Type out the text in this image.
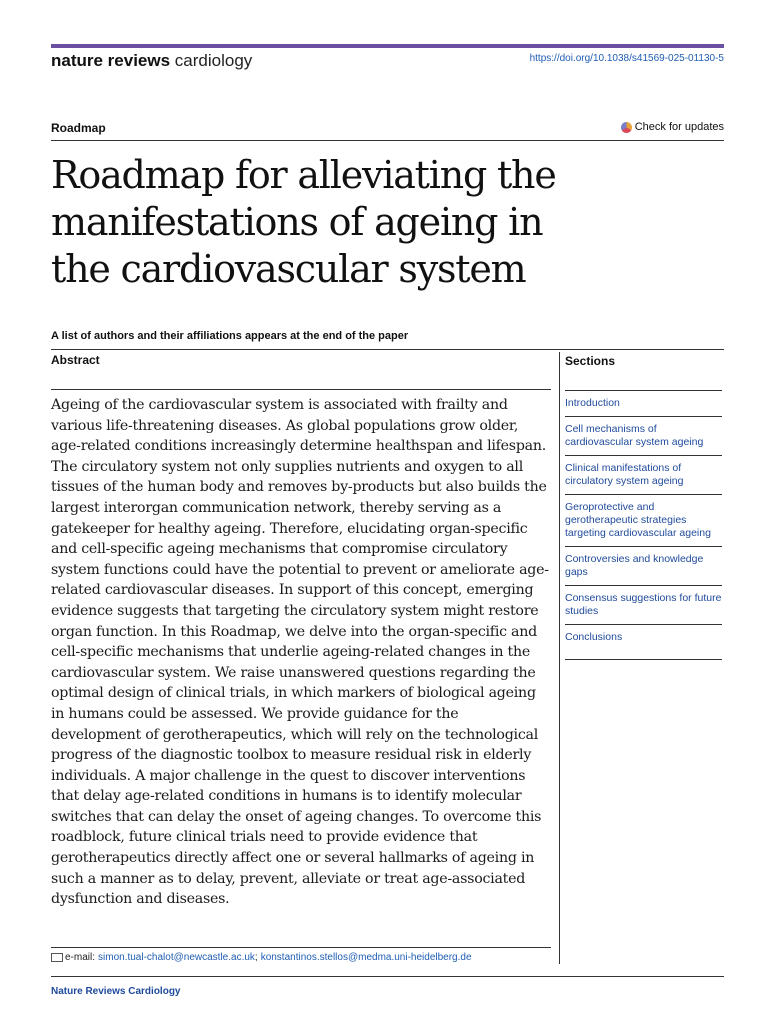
nature reviews cardiology	https://doi.org/10.1038/s41569-025-01130-5
Roadmap	Check for updates
Roadmap for alleviating the manifestations of ageing in the cardiovascular system
A list of authors and their affiliations appears at the end of the paper
Abstract

Ageing of the cardiovascular system is associated with frailty and various life-threatening diseases. As global populations grow older, age-related conditions increasingly determine healthspan and lifespan. The circulatory system not only supplies nutrients and oxygen to all tissues of the human body and removes by-products but also builds the largest interorgan communication network, thereby serving as a gatekeeper for healthy ageing. Therefore, elucidating organ-specific and cell-specific ageing mechanisms that compromise circulatory system functions could have the potential to prevent or ameliorate age-related cardiovascular diseases. In support of this concept, emerging evidence suggests that targeting the circulatory system might restore organ function. In this Roadmap, we delve into the organ-specific and cell-specific mechanisms that underlie ageing-related changes in the cardiovascular system. We raise unanswered questions regarding the optimal design of clinical trials, in which markers of biological ageing in humans could be assessed. We provide guidance for the development of gerotherapeutics, which will rely on the technological progress of the diagnostic toolbox to measure residual risk in elderly individuals. A major challenge in the quest to discover interventions that delay age-related conditions in humans is to identify molecular switches that can delay the onset of ageing changes. To overcome this roadblock, future clinical trials need to provide evidence that gerotherapeutics directly affect one or several hallmarks of ageing in such a manner as to delay, prevent, alleviate or treat age-associated dysfunction and diseases.

Sections
Introduction
Cell mechanisms of cardiovascular system ageing
Clinical manifestations of circulatory system ageing
Geroprotective and gerotherapeutic strategies targeting cardiovascular ageing
Controversies and knowledge gaps
Consensus suggestions for future studies
Conclusions
e-mail: simon.tual-chalot@newcastle.ac.uk ; konstantinos.stellos@medma.uni-heidelberg.de
Nature Reviews Cardiology
